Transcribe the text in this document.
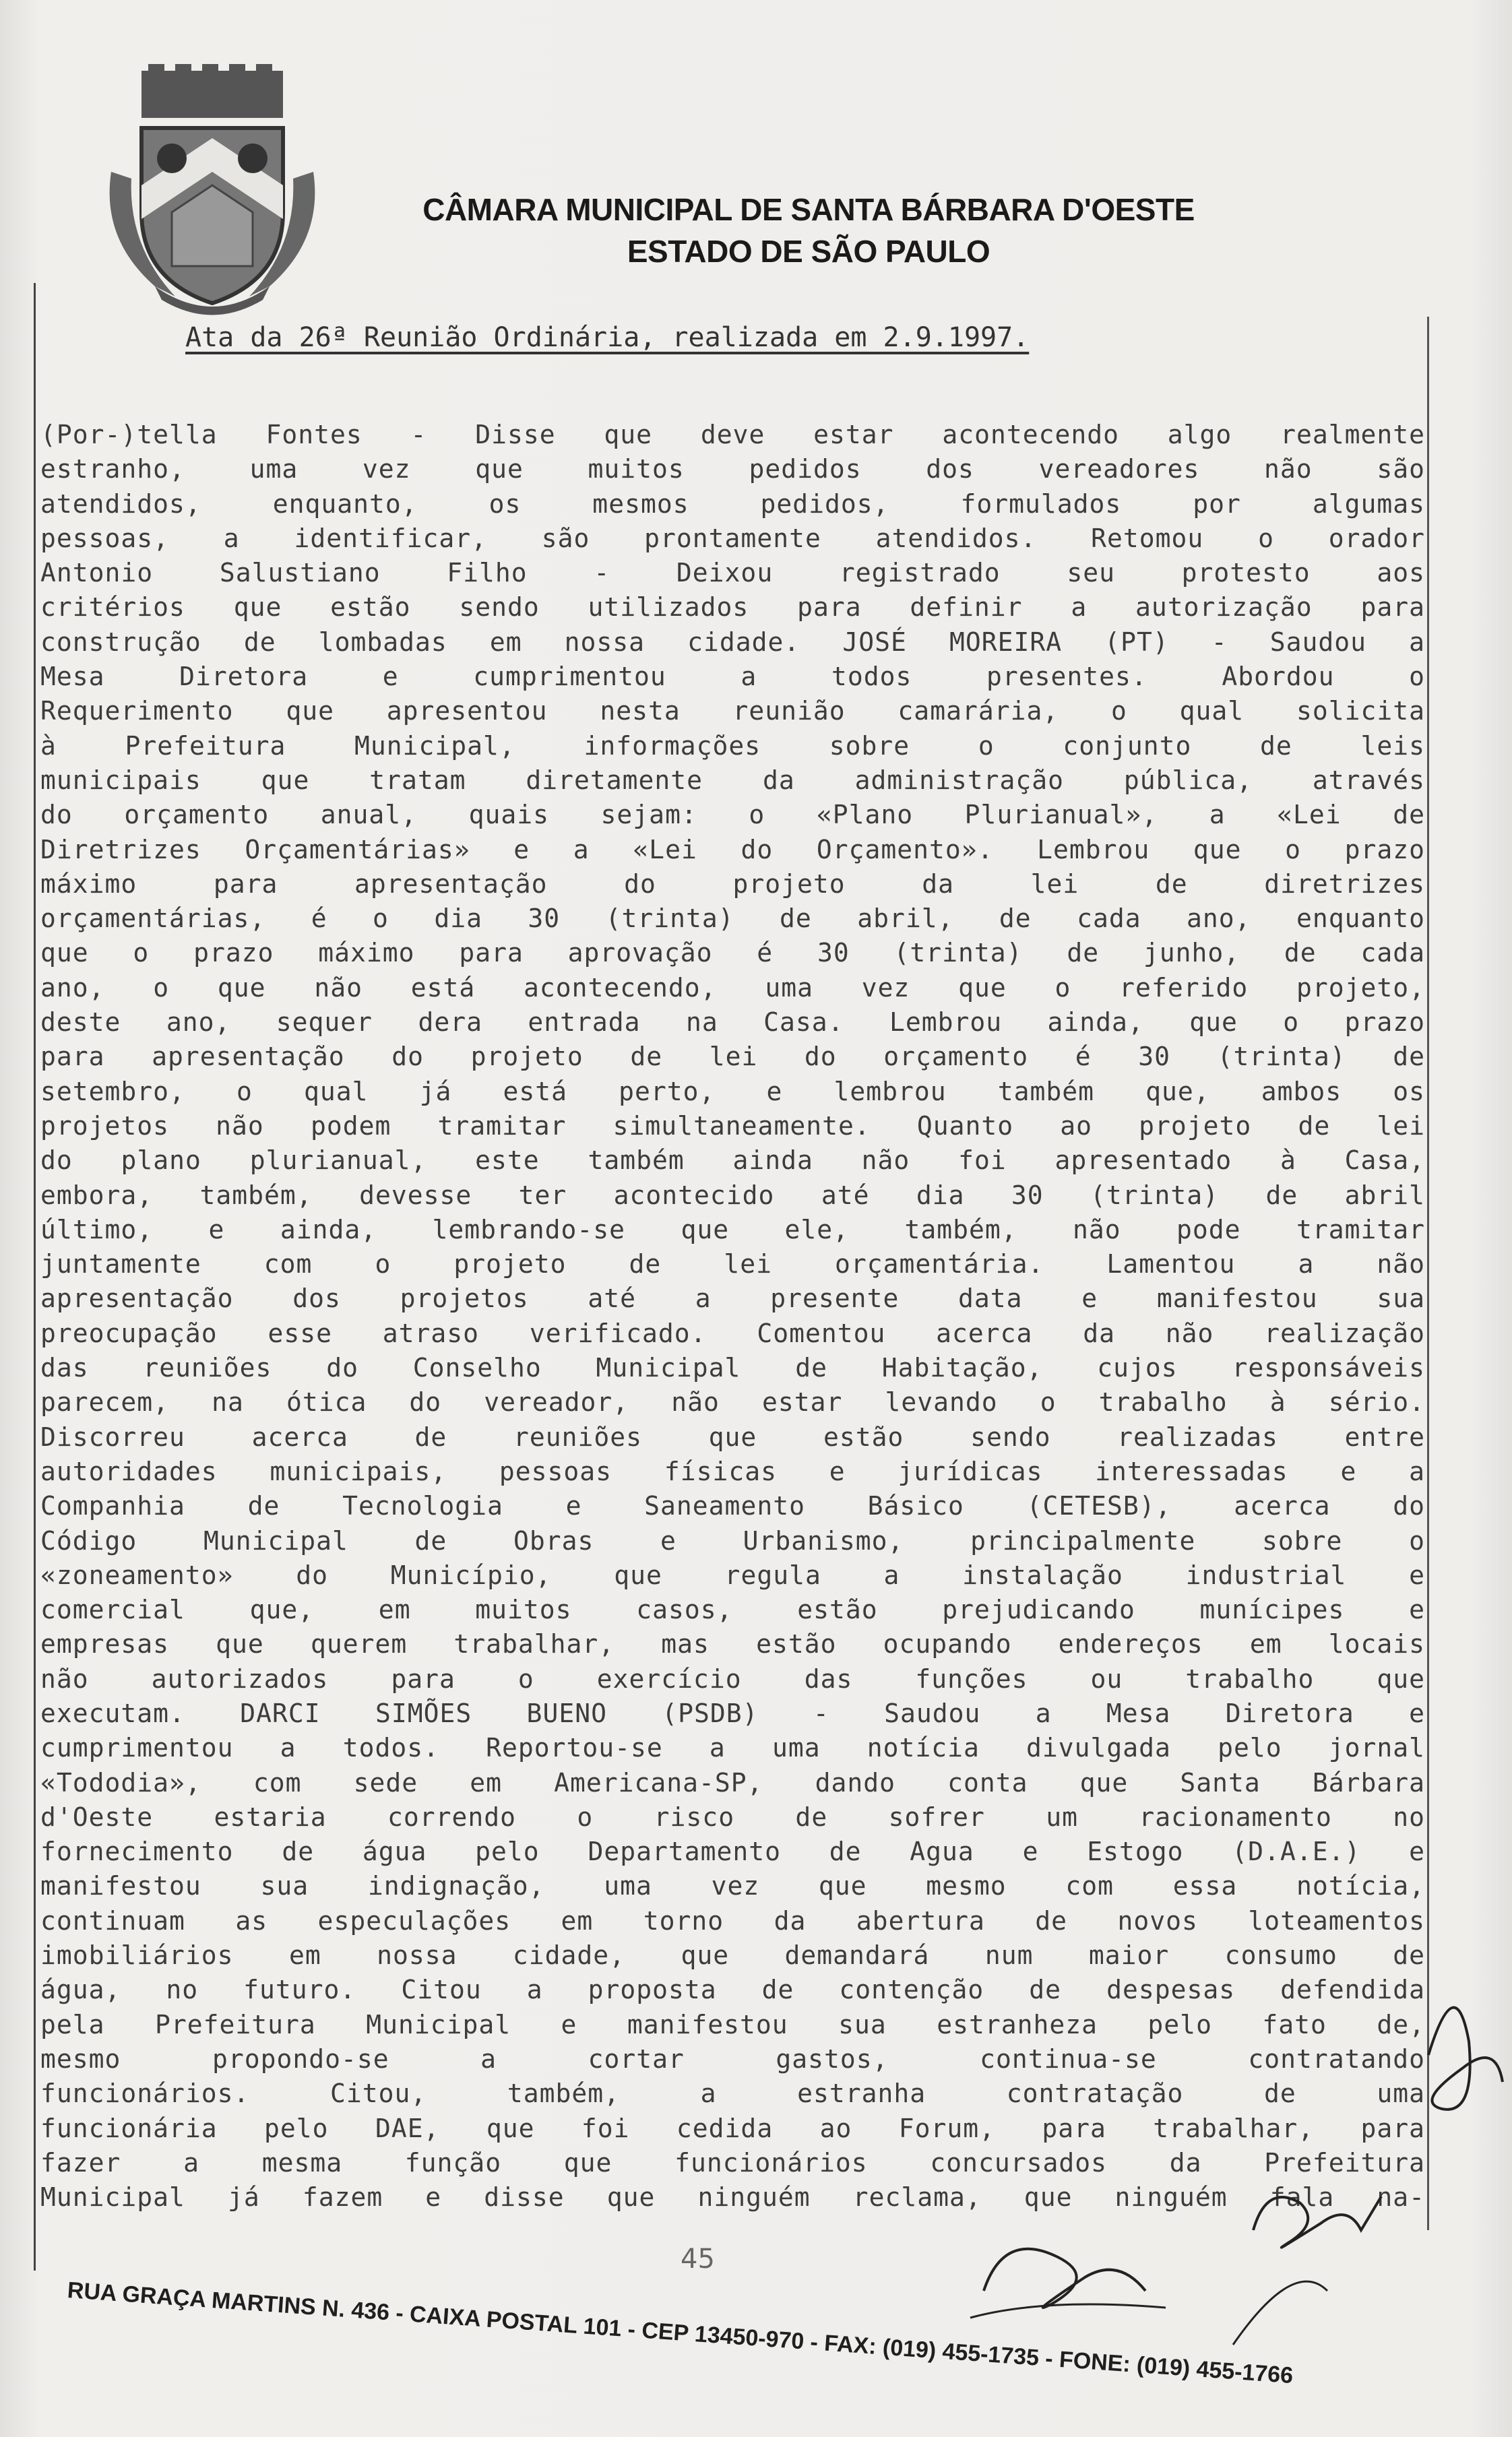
CÂMARA MUNICIPAL DE SANTA BÁRBARA D'OESTE
ESTADO DE SÃO PAULO
Ata da 26ª Reunião Ordinária, realizada em 2.9.1997.
(Por-)tella Fontes - Disse que deve estar acontecendo algo realmente
estranho, uma vez que muitos pedidos dos vereadores não são
atendidos, enquanto, os mesmos pedidos, formulados por algumas
pessoas, a identificar, são prontamente atendidos. Retomou o orador
Antonio Salustiano Filho - Deixou registrado seu protesto aos
critérios que estão sendo utilizados para definir a autorização para
construção de lombadas em nossa cidade. JOSÉ MOREIRA (PT) - Saudou a
Mesa Diretora e cumprimentou a todos presentes. Abordou o
Requerimento que apresentou nesta reunião camarária, o qual solicita
à Prefeitura Municipal, informações sobre o conjunto de leis
municipais que tratam diretamente da administração pública, através
do orçamento anual, quais sejam: o «Plano Plurianual», a «Lei de
Diretrizes Orçamentárias» e a «Lei do Orçamento». Lembrou que o prazo
máximo para apresentação do projeto da lei de diretrizes
orçamentárias, é o dia 30 (trinta) de abril, de cada ano, enquanto
que o prazo máximo para aprovação é 30 (trinta) de junho, de cada
ano, o que não está acontecendo, uma vez que o referido projeto,
deste ano, sequer dera entrada na Casa. Lembrou ainda, que o prazo
para apresentação do projeto de lei do orçamento é 30 (trinta) de
setembro, o qual já está perto, e lembrou também que, ambos os
projetos não podem tramitar simultaneamente. Quanto ao projeto de lei
do plano plurianual, este também ainda não foi apresentado à Casa,
embora, também, devesse ter acontecido até dia 30 (trinta) de abril
último, e ainda, lembrando-se que ele, também, não pode tramitar
juntamente com o projeto de lei orçamentária. Lamentou a não
apresentação dos projetos até a presente data e manifestou sua
preocupação esse atraso verificado. Comentou acerca da não realização
das reuniões do Conselho Municipal de Habitação, cujos responsáveis
parecem, na ótica do vereador, não estar levando o trabalho à sério.
Discorreu acerca de reuniões que estão sendo realizadas entre
autoridades municipais, pessoas físicas e jurídicas interessadas e a
Companhia de Tecnologia e Saneamento Básico (CETESB), acerca do
Código Municipal de Obras e Urbanismo, principalmente sobre o
«zoneamento» do Município, que regula a instalação industrial e
comercial que, em muitos casos, estão prejudicando munícipes e
empresas que querem trabalhar, mas estão ocupando endereços em locais
não autorizados para o exercício das funções ou trabalho que
executam. DARCI SIMÕES BUENO (PSDB) - Saudou a Mesa Diretora e
cumprimentou a todos. Reportou-se a uma notícia divulgada pelo jornal
«Tododia», com sede em Americana-SP, dando conta que Santa Bárbara
d'Oeste estaria correndo o risco de sofrer um racionamento no
fornecimento de água pelo Departamento de Agua e Estogo (D.A.E.) e
manifestou sua indignação, uma vez que mesmo com essa notícia,
continuam as especulações em torno da abertura de novos loteamentos
imobiliários em nossa cidade, que demandará num maior consumo de
água, no futuro. Citou a proposta de contenção de despesas defendida
pela Prefeitura Municipal e manifestou sua estranheza pelo fato de,
mesmo propondo-se a cortar gastos, continua-se contratando
funcionários. Citou, também, a estranha contratação de uma
funcionária pelo DAE, que foi cedida ao Forum, para trabalhar, para
fazer a mesma função que funcionários concursados da Prefeitura
Municipal já fazem e disse que ninguém reclama, que ninguém fala na-
45
RUA GRAÇA MARTINS N. 436 - CAIXA POSTAL 101 - CEP 13450-970 - FAX: (019) 455-1735 - FONE: (019) 455-1766
